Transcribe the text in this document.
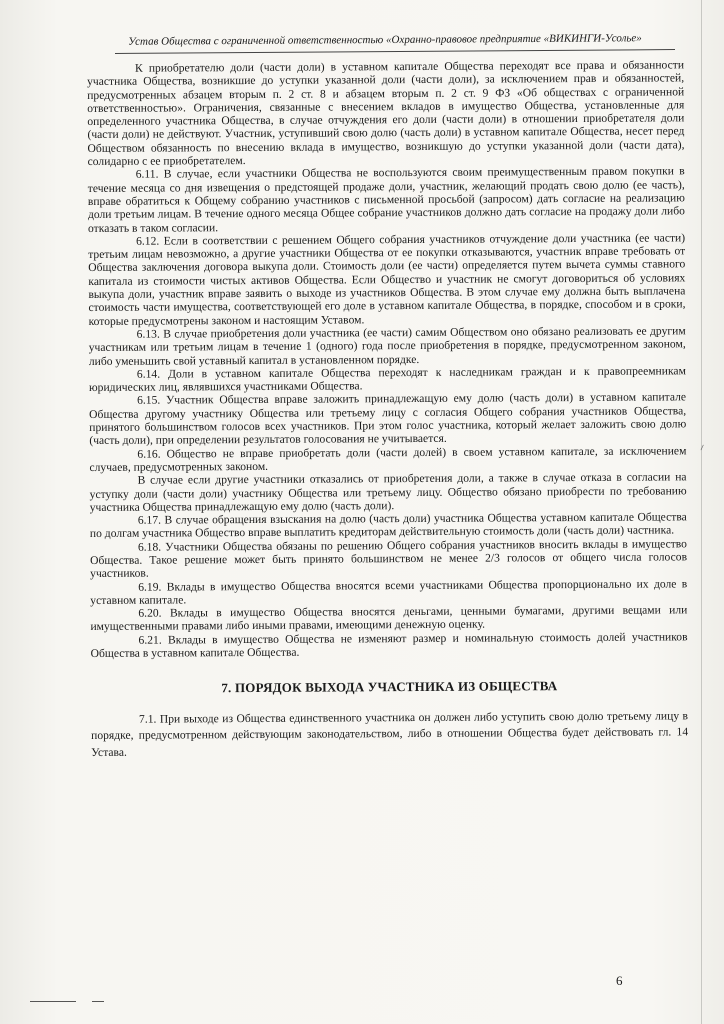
Устав Общества с ограниченной ответственностью «Охранно-правовое предприятие «ВИКИНГИ-Усолье»

К приобретателю доли (части доли) в уставном капитале Общества переходят все права и обязанности участника Общества, возникшие до уступки указанной доли (части доли), за исключением прав и обязанностей, предусмотренных абзацем вторым п. 2 ст. 8 и абзацем вторым п. 2 ст. 9 ФЗ «Об обществах с ограниченной ответственностью». Ограничения, связанные с внесением вкладов в имущество Общества, установленные для определенного участника Общества, в случае отчуждения его доли (части доли) в отношении приобретателя доли (части доли) не действуют. Участник, уступивший свою долю (часть доли) в уставном капитале Общества, несет перед Обществом обязанность по внесению вклада в имущество, возникшую до уступки указанной доли (части дата), солидарно с ее приобретателем.

6.11. В случае, если участники Общества не воспользуются своим преимущественным правом покупки в течение месяца со дня извещения о предстоящей продаже доли, участник, желающий продать свою долю (ее часть), вправе обратиться к Общему собранию участников с письменной просьбой (запросом) дать согласие на реализацию доли третьим лицам. В течение одного месяца Общее собрание участников должно дать согласие на продажу доли либо отказать в таком согласии.

6.12. Если в соответствии с решением Общего собрания участников отчуждение доли участника (ее части) третьим лицам невозможно, а другие участники Общества от ее покупки отказываются, участник вправе требовать от Общества заключения договора выкупа доли. Стоимость доли (ее части) определяется путем вычета суммы ставного капитала из стоимости чистых активов Общества. Если Общество и участник не смогут договориться об условиях выкупа доли, участник вправе заявить о выходе из участников Общества. В этом случае ему должна быть выплачена стоимость части имущества, соответствующей его доле в уставном капитале Общества, в порядке, способом и в сроки, которые предусмотрены законом и настоящим Уставом.

6.13. В случае приобретения доли участника (ее части) самим Обществом оно обязано реализовать ее другим участникам или третьим лицам в течение 1 (одного) года после приобретения в порядке, предусмотренном законом, либо уменьшить свой уставный капитал в установленном порядке.

6.14. Доли в уставном капитале Общества переходят к наследникам граждан и к правопреемникам юридических лиц, являвшихся участниками Общества.

6.15. Участник Общества вправе заложить принадлежащую ему долю (часть доли) в уставном капитале Общества другому участнику Общества или третьему лицу с согласия Общего собрания участников Общества, принятого большинством голосов всех участников. При этом голос участника, который желает заложить свою долю (часть доли), при определении результатов голосования не учитывается.

6.16. Общество не вправе приобретать доли (части долей) в своем уставном капитале, за исключением случаев, предусмотренных законом.

В случае если другие участники отказались от приобретения доли, а также в случае отказа в согласии на уступку доли (части доли) участнику Общества или третьему лицу. Общество обязано приобрести по требованию участника Общества принадлежащую ему долю (часть доли).

6.17. В случае обращения взыскания на долю (часть доли) участника Общества уставном капитале Общества по долгам участника Общество вправе выплатить кредиторам действительную стоимость доли (часть доли) частника.

6.18. Участники Общества обязаны по решению Общего собрания участников вносить вклады в имущество Общества. Такое решение может быть принято большинством не менее 2/3 голосов от общего числа голосов участников.

6.19. Вклады в имущество Общества вносятся всеми участниками Общества пропорционально их доле в уставном капитале.

6.20. Вклады в имущество Общества вносятся деньгами, ценными бумагами, другими вещами или имущественными правами либо иными правами, имеющими денежную оценку.

6.21. Вклады в имущество Общества не изменяют размер и номинальную стоимость долей участников Общества в уставном капитале Общества.

7. ПОРЯДОК ВЫХОДА УЧАСТНИКА ИЗ ОБЩЕСТВА

7.1. При выходе из Общества единственного участника он должен либо уступить свою долю третьему лицу в порядке, предусмотренном действующим законодательством, либо в отношении Общества будет действовать гл. 14 Устава.

⸝
6
